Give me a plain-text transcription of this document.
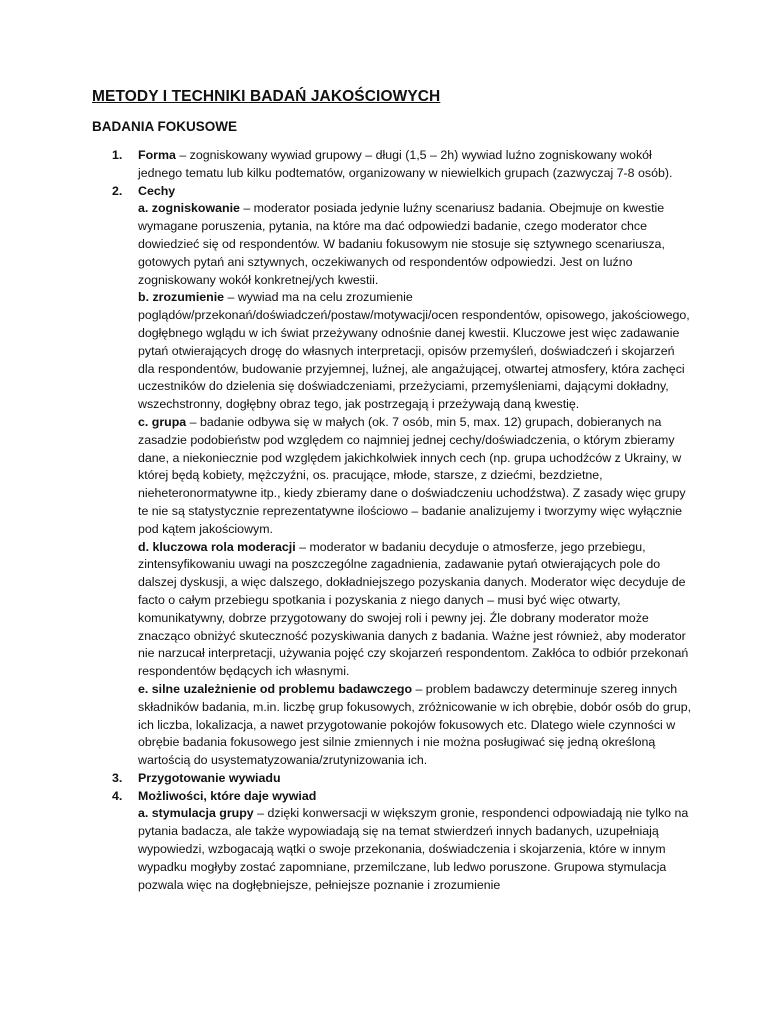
METODY I TECHNIKI BADAŃ JAKOŚCIOWYCH
BADANIA FOKUSOWE
1. Forma – zogniskowany wywiad grupowy – długi (1,5 – 2h) wywiad luźno zogniskowany wokół jednego tematu lub kilku podtematów, organizowany w niewielkich grupach (zazwyczaj 7-8 osób).

2. Cechy

a. zogniskowanie – moderator posiada jedynie luźny scenariusz badania. Obejmuje on kwestie wymagane poruszenia, pytania, na które ma dać odpowiedzi badanie, czego moderator chce dowiedzieć się od respondentów. W badaniu fokusowym nie stosuje się sztywnego scenariusza, gotowych pytań ani sztywnych, oczekiwanych od respondentów odpowiedzi. Jest on luźno zogniskowany wokół konkretnej/ych kwestii.

b. zrozumienie – wywiad ma na celu zrozumienie poglądów/przekonań/doświadczeń/postaw/motywacji/ocen respondentów, opisowego, jakościowego, dogłębnego wglądu w ich świat przeżywany odnośnie danej kwestii. Kluczowe jest więc zadawanie pytań otwierających drogę do własnych interpretacji, opisów przemyśleń, doświadczeń i skojarzeń dla respondentów, budowanie przyjemnej, luźnej, ale angażującej, otwartej atmosfery, która zachęci uczestników do dzielenia się doświadczeniami, przeżyciami, przemyśleniami, dającymi dokładny, wszechstronny, dogłębny obraz tego, jak postrzegają i przeżywają daną kwestię.

c. grupa – badanie odbywa się w małych (ok. 7 osób, min 5, max. 12) grupach, dobieranych na zasadzie podobieństw pod względem co najmniej jednej cechy/doświadczenia, o którym zbieramy dane, a niekoniecznie pod względem jakichkolwiek innych cech (np. grupa uchodźców z Ukrainy, w której będą kobiety, mężczyźni, os. pracujące, młode, starsze, z dziećmi, bezdzietne, nieheteronormatywne itp., kiedy zbieramy dane o doświadczeniu uchodźstwa). Z zasady więc grupy te nie są statystycznie reprezentatywne ilościowo – badanie analizujemy i tworzymy więc wyłącznie pod kątem jakościowym.

d. kluczowa rola moderacji – moderator w badaniu decyduje o atmosferze, jego przebiegu, zintensyfikowaniu uwagi na poszczególne zagadnienia, zadawanie pytań otwierających pole do dalszej dyskusji, a więc dalszego, dokładniejszego pozyskania danych. Moderator więc decyduje de facto o całym przebiegu spotkania i pozyskania z niego danych – musi być więc otwarty, komunikatywny, dobrze przygotowany do swojej roli i pewny jej. Źle dobrany moderator może znacząco obniżyć skuteczność pozyskiwania danych z badania. Ważne jest również, aby moderator nie narzucał interpretacji, używania pojęć czy skojarzeń respondentom. Zakłóca to odbiór przekonań respondentów będących ich własnymi.

e. silne uzależnienie od problemu badawczego – problem badawczy determinuje szereg innych składników badania, m.in. liczbę grup fokusowych, zróżnicowanie w ich obrębie, dobór osób do grup, ich liczba, lokalizacja, a nawet przygotowanie pokojów fokusowych etc. Dlatego wiele czynności w obrębie badania fokusowego jest silnie zmiennych i nie można posługiwać się jedną określoną wartością do usystematyzowania/zrutynizowania ich.

3. Przygotowanie wywiadu

4. Możliwości, które daje wywiad

a. stymulacja grupy – dzięki konwersacji w większym gronie, respondenci odpowiadają nie tylko na pytania badacza, ale także wypowiadają się na temat stwierdzeń innych badanych, uzupełniają wypowiedzi, wzbogacają wątki o swoje przekonania, doświadczenia i skojarzenia, które w innym wypadku mogłyby zostać zapomniane, przemilczane, lub ledwo poruszone. Grupowa stymulacja pozwala więc na dogłębniejsze, pełniejsze poznanie i zrozumienie
